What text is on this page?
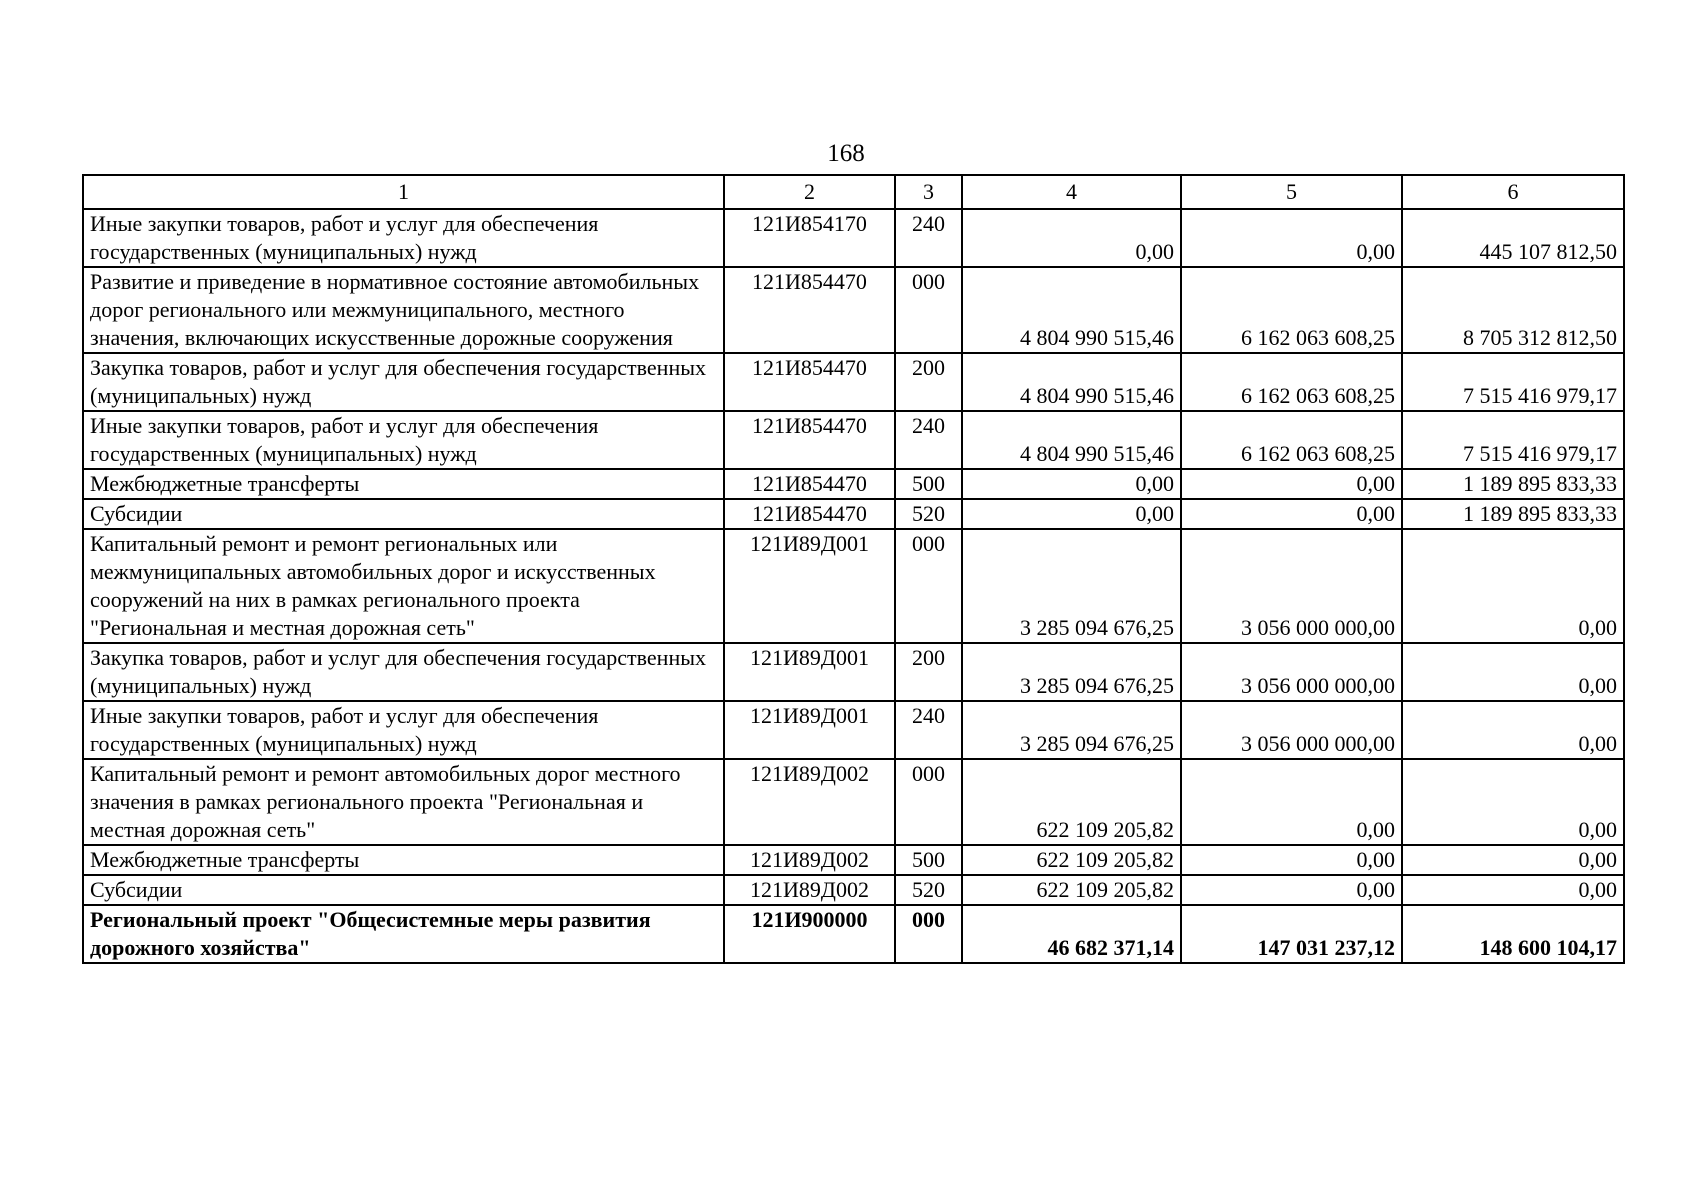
168
1	2	3	4	5	6
Иные закупки товаров, работ и услуг для обеспечения государственных (муниципальных) нужд	121И854170	240	0,00	0,00	445 107 812,50
Развитие и приведение в нормативное состояние автомобильных дорог регионального или межмуниципального, местного значения, включающих искусственные дорожные сооружения	121И854470	000	4 804 990 515,46	6 162 063 608,25	8 705 312 812,50
Закупка товаров, работ и услуг для обеспечения государственных (муниципальных) нужд	121И854470	200	4 804 990 515,46	6 162 063 608,25	7 515 416 979,17
Иные закупки товаров, работ и услуг для обеспечения государственных (муниципальных) нужд	121И854470	240	4 804 990 515,46	6 162 063 608,25	7 515 416 979,17
Межбюджетные трансферты	121И854470	500	0,00	0,00	1 189 895 833,33
Субсидии	121И854470	520	0,00	0,00	1 189 895 833,33
Капитальный ремонт и ремонт региональных или межмуниципальных автомобильных дорог и искусственных сооружений на них в рамках регионального проекта "Региональная и местная дорожная сеть"	121И89Д001	000	3 285 094 676,25	3 056 000 000,00	0,00
Закупка товаров, работ и услуг для обеспечения государственных (муниципальных) нужд	121И89Д001	200	3 285 094 676,25	3 056 000 000,00	0,00
Иные закупки товаров, работ и услуг для обеспечения государственных (муниципальных) нужд	121И89Д001	240	3 285 094 676,25	3 056 000 000,00	0,00
Капитальный ремонт и ремонт автомобильных дорог местного значения в рамках регионального проекта "Региональная и местная дорожная сеть"	121И89Д002	000	622 109 205,82	0,00	0,00
Межбюджетные трансферты	121И89Д002	500	622 109 205,82	0,00	0,00
Субсидии	121И89Д002	520	622 109 205,82	0,00	0,00
Региональный проект "Общесистемные меры развития дорожного хозяйства"	121И900000	000	46 682 371,14	147 031 237,12	148 600 104,17
